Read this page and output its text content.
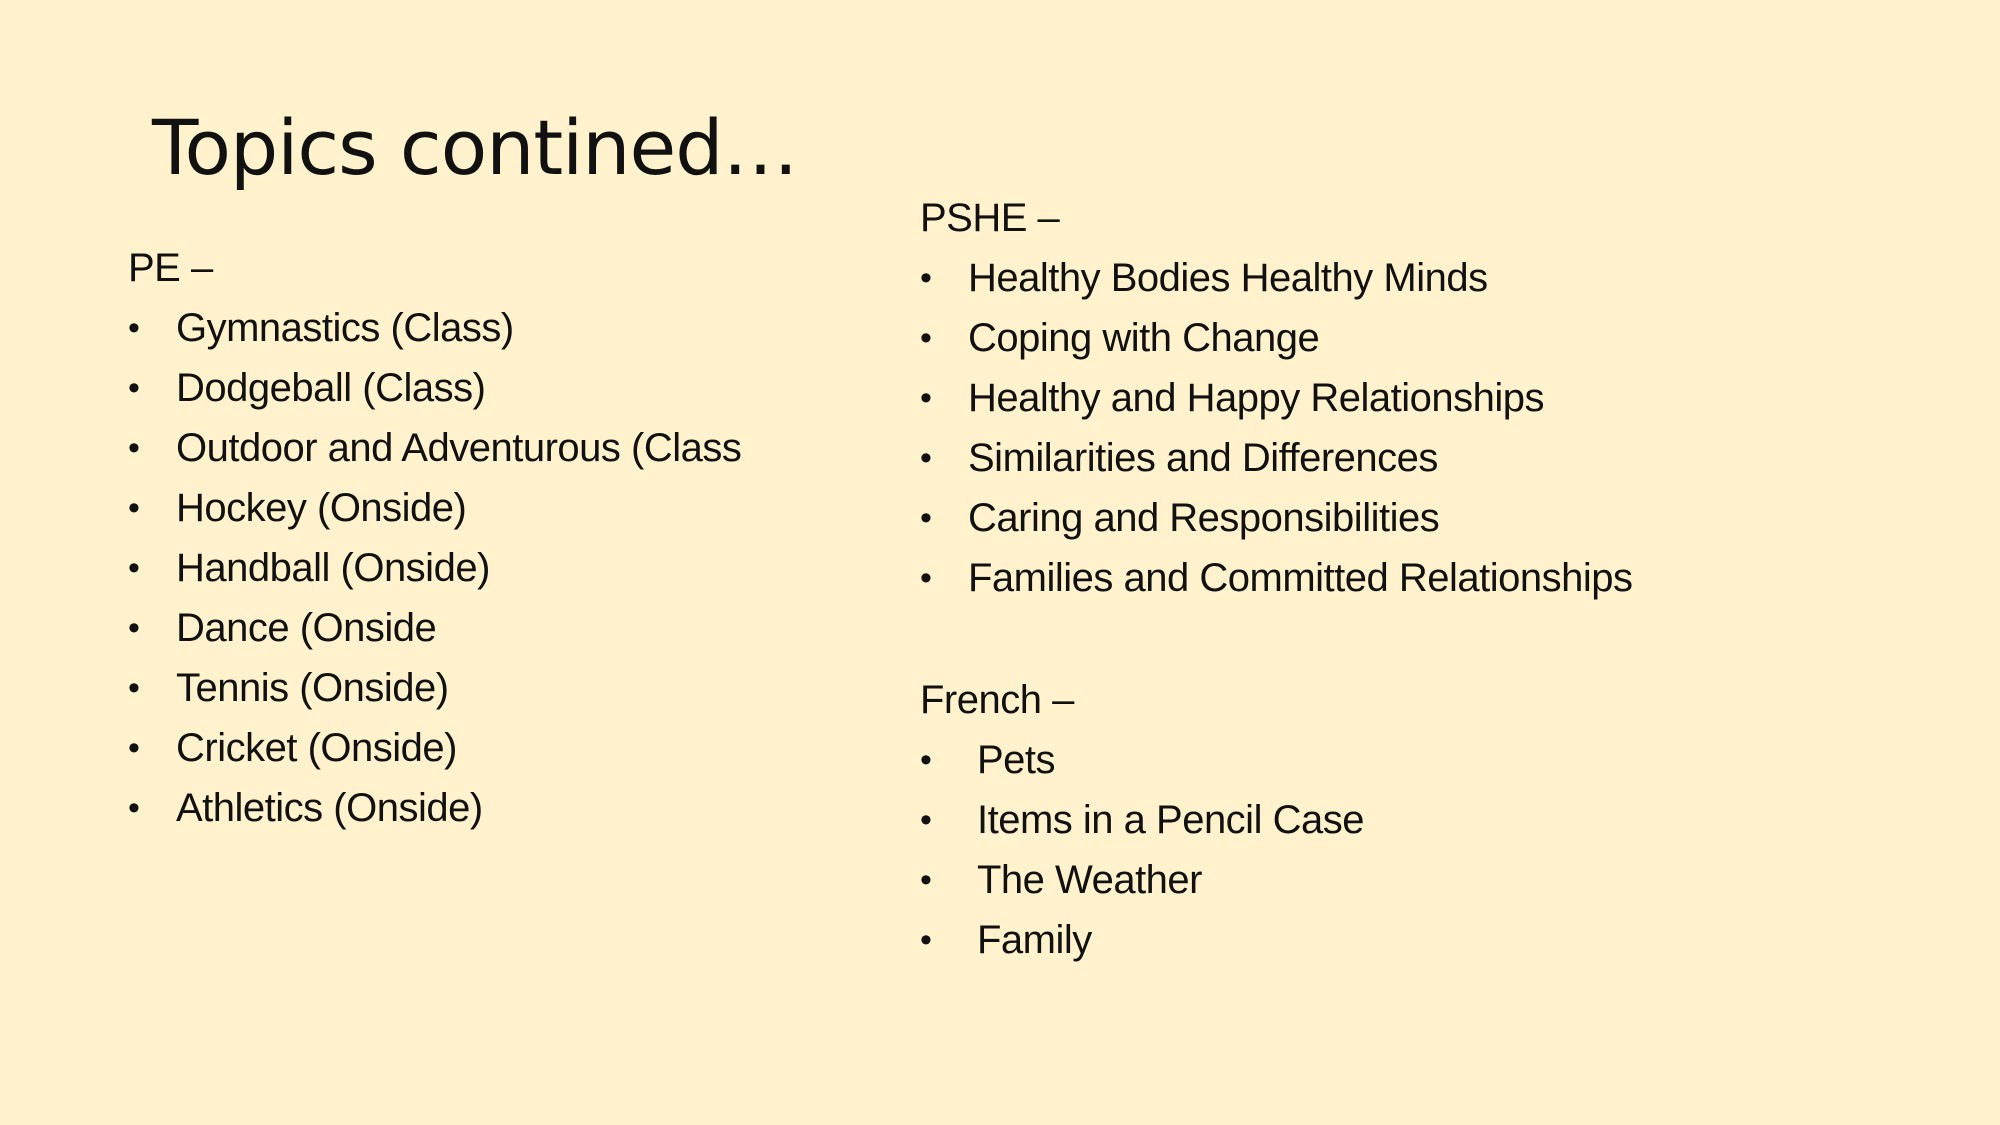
Topics contined…
PE –
• Gymnastics (Class)
• Dodgeball (Class)
• Outdoor and Adventurous (Class
• Hockey (Onside)
• Handball (Onside)
• Dance (Onside
• Tennis (Onside)
• Cricket (Onside)
• Athletics (Onside)
PSHE –
• Healthy Bodies Healthy Minds
• Coping with Change
• Healthy and Happy Relationships
• Similarities and Differences
• Caring and Responsibilities
• Families and Committed Relationships
French –
• Pets
• Items in a Pencil Case
• The Weather
• Family
